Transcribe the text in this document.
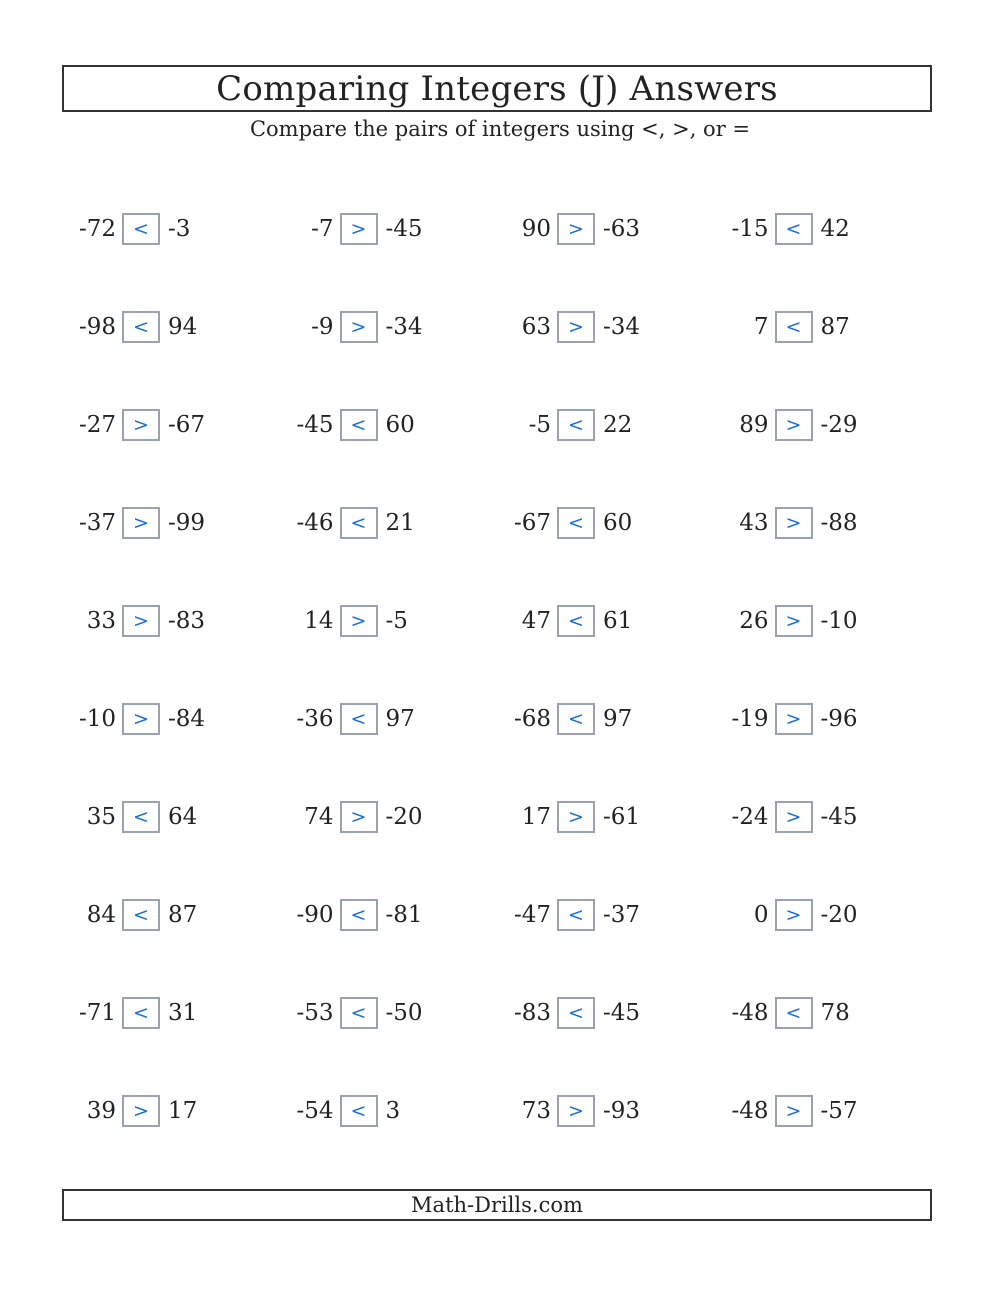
Comparing Integers (J) Answers
Compare the pairs of integers using <, >, or =
-72 < -3	-7 > -45	90 > -63	-15 < 42
-98 < 94	-9 > -34	63 > -34	7 < 87
-27 > -67	-45 < 60	-5 < 22	89 > -29
-37 > -99	-46 < 21	-67 < 60	43 > -88
33 > -83	14 > -5	47 < 61	26 > -10
-10 > -84	-36 < 97	-68 < 97	-19 > -96
35 < 64	74 > -20	17 > -61	-24 > -45
84 < 87	-90 < -81	-47 < -37	0 > -20
-71 < 31	-53 < -50	-83 < -45	-48 < 78
39 > 17	-54 < 3	73 > -93	-48 > -57
Math-Drills.com
